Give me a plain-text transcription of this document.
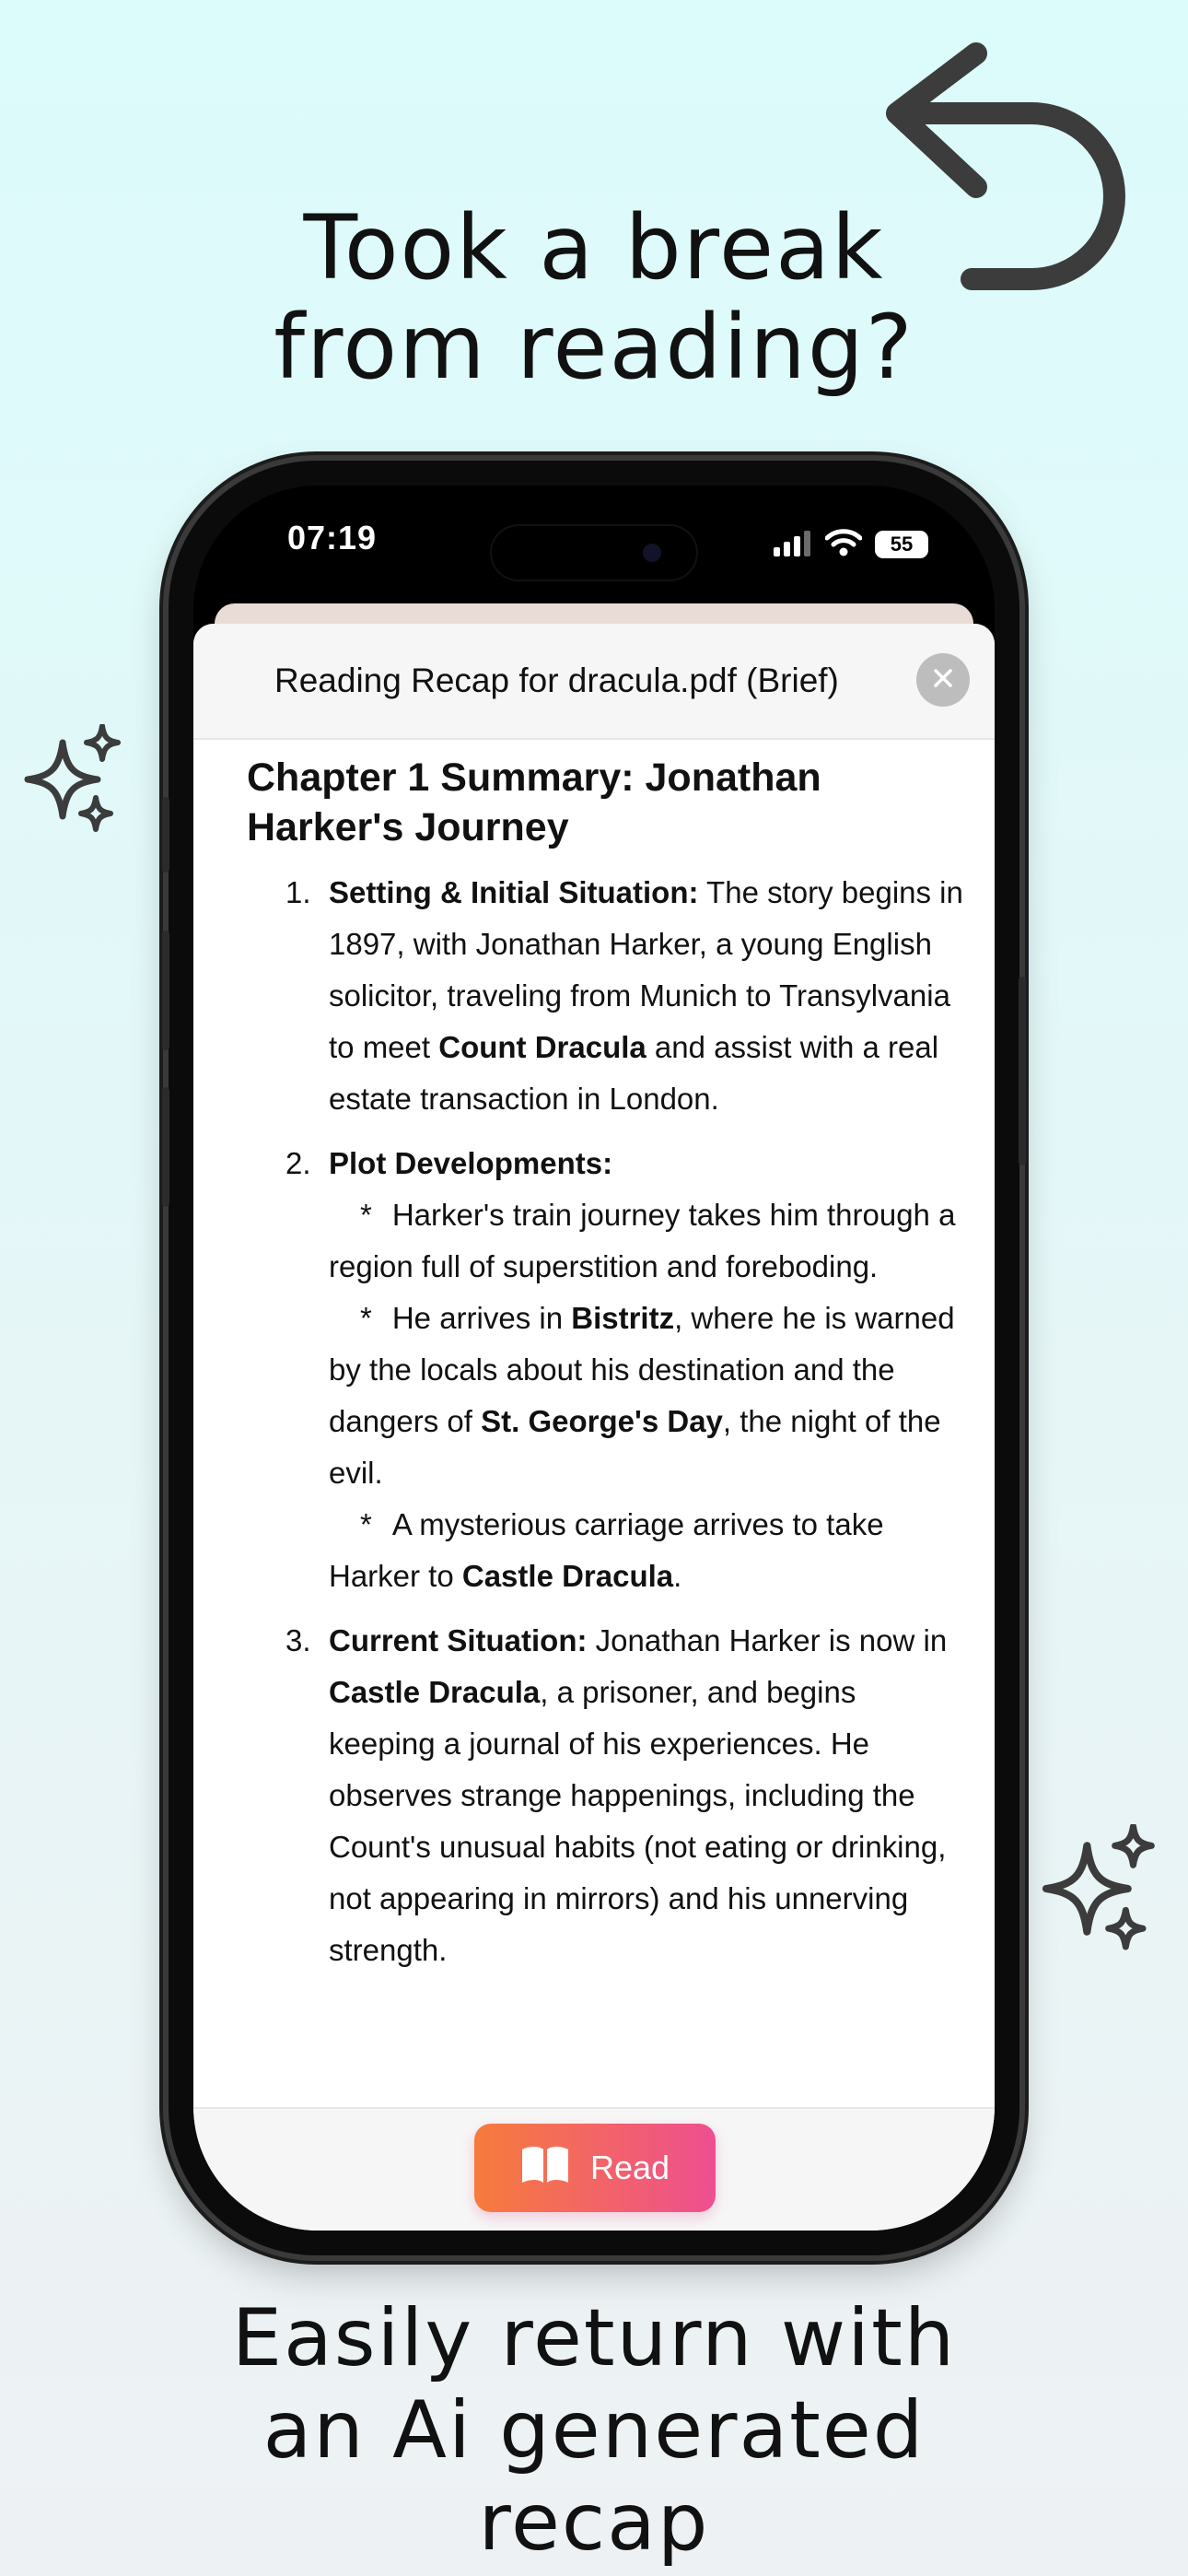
Took a break
from reading?
07:19	55
Reading Recap for dracula.pdf (Brief)
Chapter 1 Summary: Jonathan Harker's Journey
1. Setting & Initial Situation: The story begins in 1897, with Jonathan Harker, a young English solicitor, traveling from Munich to Transylvania to meet Count Dracula and assist with a real estate transaction in London.
2. Plot Developments:
* Harker's train journey takes him through a region full of superstition and foreboding.
* He arrives in Bistritz, where he is warned by the locals about his destination and the dangers of St. George's Day, the night of the evil.
* A mysterious carriage arrives to take Harker to Castle Dracula.
3. Current Situation: Jonathan Harker is now in Castle Dracula, a prisoner, and begins keeping a journal of his experiences. He observes strange happenings, including the Count's unusual habits (not eating or drinking, not appearing in mirrors) and his unnerving strength.
Read
Easily return with
an Ai generated
recap
